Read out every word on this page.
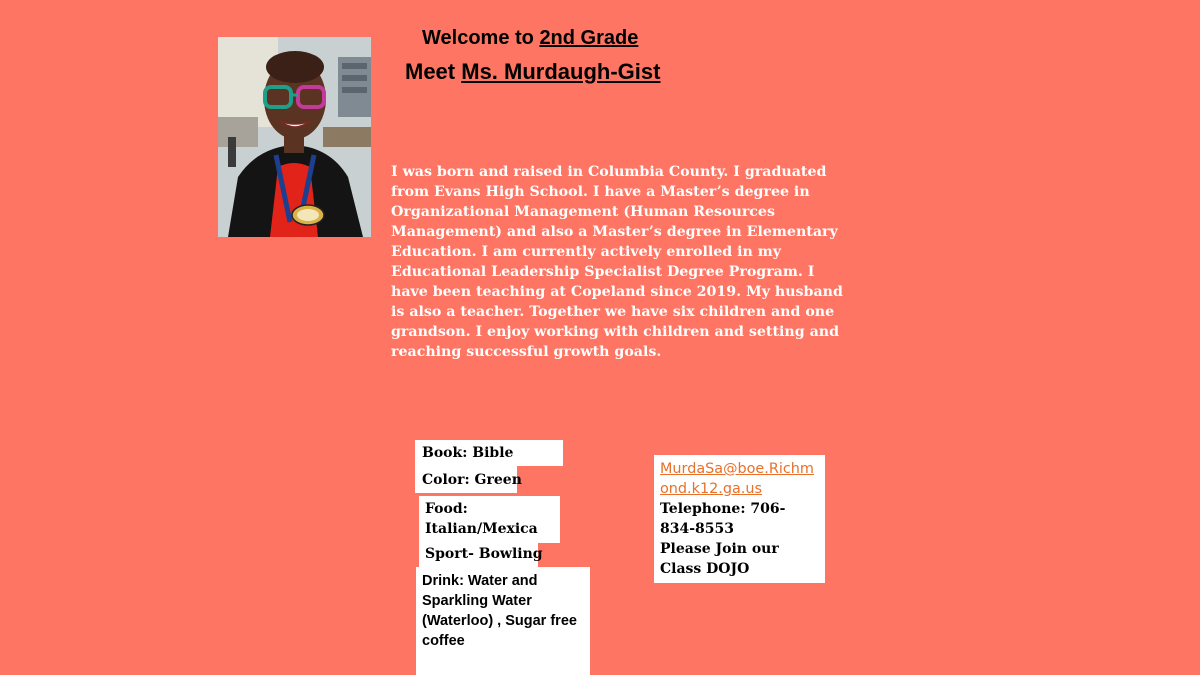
Welcome to 2nd Grade
Meet Ms. Murdaugh-Gist

I was born and raised in Columbia County. I graduated from Evans High School. I have a Master’s degree in Organizational Management (Human Resources Management) and also a Master’s degree in Elementary Education. I am currently actively enrolled in my Educational Leadership Specialist Degree Program. I have been teaching at Copeland since 2019. My husband is also a teacher. Together we have six children and one grandson. I enjoy working with children and setting and reaching successful growth goals.

Book: Bible
Color: Green
Food:
Italian/Mexica
Sport- Bowling
Drink: Water and Sparkling Water (Waterloo) , Sugar free coffee
MurdaSa@boe.Richmond.k12.ga.us
Telephone: 706-834-8553
Please Join our Class DOJO
